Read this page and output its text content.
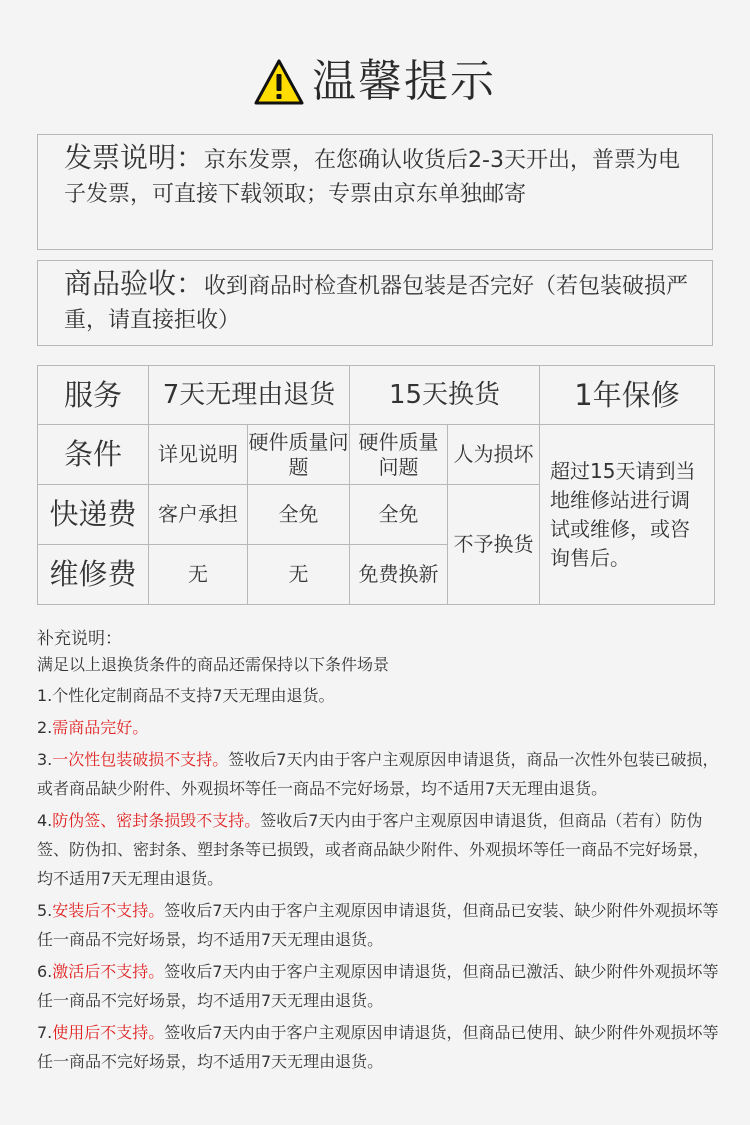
温馨提示
发票说明：京东发票，在您确认收货后2-3天开出，普票为电子发票，可直接下载领取；专票由京东单独邮寄
商品验收：收到商品时检查机器包装是否完好（若包装破损严重，请直接拒收）
服务	7天无理由退货		15天换货		1年保修
条件	详见说明	硬件质量问题	硬件质量问题	人为损坏	超过15天请到当地维修站进行调试或维修，或咨询售后。
快递费	客户承担	全免	全免	不予换货	
维修费	无	无	免费换新		
补充说明：
满足以上退换货条件的商品还需保持以下条件场景
1.个性化定制商品不支持7天无理由退货。
2.需商品完好。
3.一次性包装破损不支持。签收后7天内由于客户主观原因申请退货，商品一次性外包装已破损，或者商品缺少附件、外观损坏等任一商品不完好场景，均不适用7天无理由退货。
4.防伪签、密封条损毁不支持。签收后7天内由于客户主观原因申请退货，但商品（若有）防伪签、防伪扣、密封条、塑封条等已损毁，或者商品缺少附件、外观损坏等任一商品不完好场景，均不适用7天无理由退货。
5.安装后不支持。签收后7天内由于客户主观原因申请退货，但商品已安装、缺少附件外观损坏等任一商品不完好场景，均不适用7天无理由退货。
6.激活后不支持。签收后7天内由于客户主观原因申请退货，但商品已激活、缺少附件外观损坏等任一商品不完好场景，均不适用7天无理由退货。
7.使用后不支持。签收后7天内由于客户主观原因申请退货，但商品已使用、缺少附件外观损坏等任一商品不完好场景，均不适用7天无理由退货。
